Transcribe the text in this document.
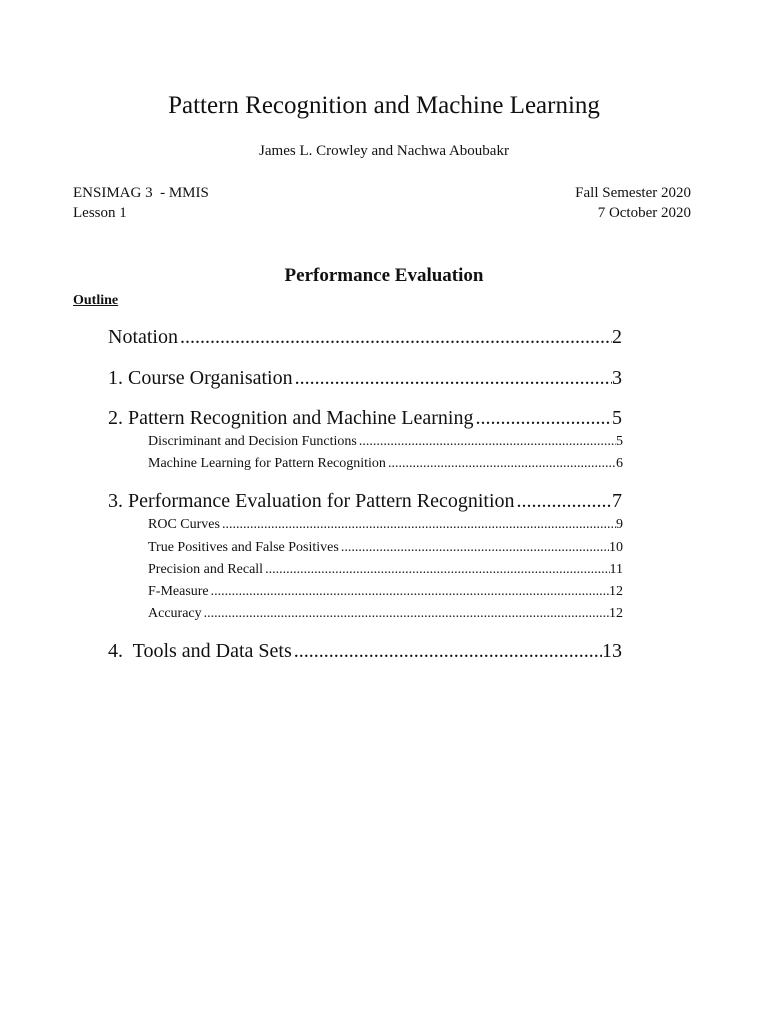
Pattern Recognition and Machine Learning
James L. Crowley and Nachwa Aboubakr
ENSIMAG 3  - MMIS	Fall Semester 2020
Lesson 1	7 October 2020
Performance Evaluation
Outline
Notation .....	2
1. Course Organisation .....	3
2. Pattern Recognition and Machine Learning .....	5
Discriminant and Decision Functions .....	5
Machine Learning for Pattern Recognition .....	6
3. Performance Evaluation for Pattern Recognition .....	7
ROC Curves .....	9
True Positives and False Positives .....	10
Precision and Recall .....	11
F-Measure .....	12
Accuracy .....	12
4.  Tools and Data Sets .....	13
